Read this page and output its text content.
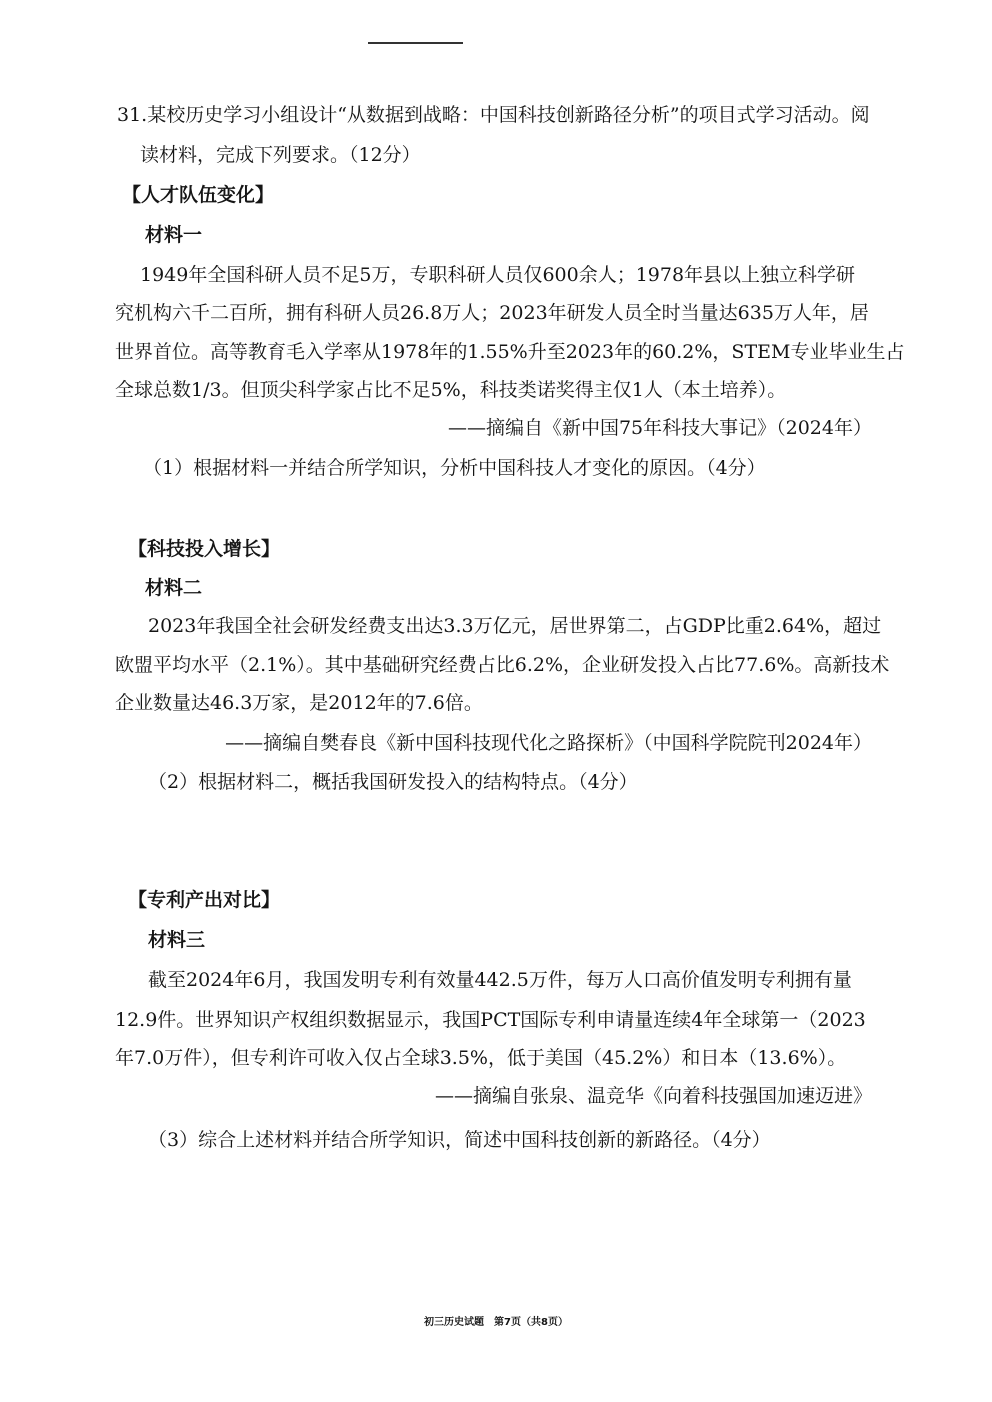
31.某校历史学习小组设计“从数据到战略：中国科技创新路径分析”的项目式学习活动。阅
读材料，完成下列要求。（12分）
【人才队伍变化】
材料一
1949年全国科研人员不足5万，专职科研人员仅600余人；1978年县以上独立科学研
究机构六千二百所，拥有科研人员26.8万人；2023年研发人员全时当量达635万人年，居
世界首位。高等教育毛入学率从1978年的1.55%升至2023年的60.2%，STEM专业毕业生占
全球总数1/3。但顶尖科学家占比不足5%，科技类诺奖得主仅1人（本土培养）。
——摘编自《新中国75年科技大事记》（2024年）
（1）根据材料一并结合所学知识，分析中国科技人才变化的原因。（4分）
【科技投入增长】
材料二
2023年我国全社会研发经费支出达3.3万亿元，居世界第二，占GDP比重2.64%，超过
欧盟平均水平（2.1%）。其中基础研究经费占比6.2%，企业研发投入占比77.6%。高新技术
企业数量达46.3万家，是2012年的7.6倍。
——摘编自樊春良《新中国科技现代化之路探析》（中国科学院院刊2024年）
（2）根据材料二，概括我国研发投入的结构特点。（4分）
【专利产出对比】
材料三
截至2024年6月，我国发明专利有效量442.5万件，每万人口高价值发明专利拥有量
12.9件。世界知识产权组织数据显示，我国PCT国际专利申请量连续4年全球第一（2023
年7.0万件），但专利许可收入仅占全球3.5%，低于美国（45.2%）和日本（13.6%）。
——摘编自张泉、温竞华《向着科技强国加速迈进》
（3）综合上述材料并结合所学知识，简述中国科技创新的新路径。（4分）
初三历史试题　第7页（共8页）
